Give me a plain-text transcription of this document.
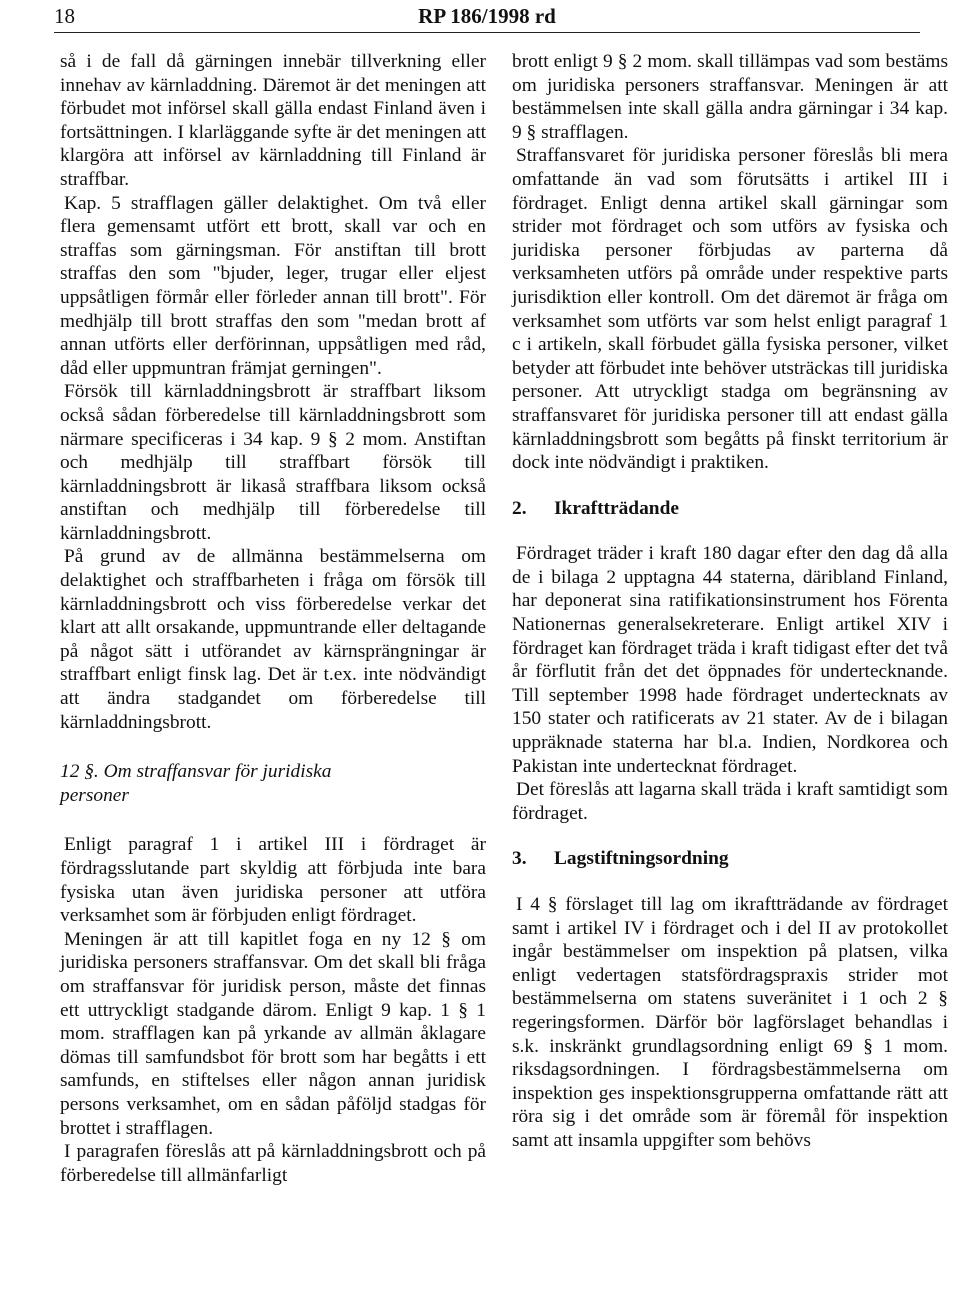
18	RP 186/1998 rd

så i de fall då gärningen innebär tillverkning eller innehav av kärnladdning. Däremot är det meningen att förbudet mot införsel skall gälla endast Finland även i fortsättningen. I klarläggande syfte är det meningen att klargöra att införsel av kärnladdning till Finland är straffbar.

Kap. 5 strafflagen gäller delaktighet. Om två eller flera gemensamt utfört ett brott, skall var och en straffas som gärningsman. För anstiftan till brott straffas den som "bjuder, leger, trugar eller eljest uppsåtligen förmår eller förleder annan till brott". För medhjälp till brott straffas den som "medan brott af annan utförts eller derförinnan, uppsåtligen med råd, dåd eller uppmuntran främjat gerningen".

Försök till kärnladdningsbrott är straffbart liksom också sådan förberedelse till kärnladdningsbrott som närmare specificeras i 34 kap. 9 § 2 mom. Anstiftan och medhjälp till straffbart försök till kärnladdningsbrott är likaså straffbara liksom också anstiftan och medhjälp till förberedelse till kärnladdningsbrott.

På grund av de allmänna bestämmelserna om delaktighet och straffbarheten i fråga om försök till kärnladdningsbrott och viss förberedelse verkar det klart att allt orsakande, uppmuntrande eller deltagande på något sätt i utförandet av kärnsprängningar är straffbart enligt finsk lag. Det är t.ex. inte nödvändigt att ändra stadgandet om förberedelse till kärnladdningsbrott.

12 §. Om straffansvar för juridiska personer

Enligt paragraf 1 i artikel III i fördraget är fördragsslutande part skyldig att förbjuda inte bara fysiska utan även juridiska personer att utföra verksamhet som är förbjuden enligt fördraget.

Meningen är att till kapitlet foga en ny 12 § om juridiska personers straffansvar. Om det skall bli fråga om straffansvar för juridisk person, måste det finnas ett uttryckligt stadgande därom. Enligt 9 kap. 1 § 1 mom. strafflagen kan på yrkande av allmän åklagare dömas till samfundsbot för brott som har begåtts i ett samfunds, en stiftelses eller någon annan juridisk persons verksamhet, om en sådan påföljd stadgas för brottet i strafflagen.

I paragrafen föreslås att på kärnladdningsbrott och på förberedelse till allmänfarligt

brott enligt 9 § 2 mom. skall tillämpas vad som bestäms om juridiska personers straffansvar. Meningen är att bestämmelsen inte skall gälla andra gärningar i 34 kap. 9 § strafflagen.

Straffansvaret för juridiska personer föreslås bli mera omfattande än vad som förutsätts i artikel III i fördraget. Enligt denna artikel skall gärningar som strider mot fördraget och som utförs av fysiska och juridiska personer förbjudas av parterna då verksamheten utförs på område under respektive parts jurisdiktion eller kontroll. Om det däremot är fråga om verksamhet som utförts var som helst enligt paragraf 1 c i artikeln, skall förbudet gälla fysiska personer, vilket betyder att förbudet inte behöver utsträckas till juridiska personer. Att utryckligt stadga om begränsning av straffansvaret för juridiska personer till att endast gälla kärnladdningsbrott som begåtts på finskt territorium är dock inte nödvändigt i praktiken.

2. Ikraftträdande

Fördraget träder i kraft 180 dagar efter den dag då alla de i bilaga 2 upptagna 44 staterna, däribland Finland, har deponerat sina ratifikationsinstrument hos Förenta Nationernas generalsekreterare. Enligt artikel XIV i fördraget kan fördraget träda i kraft tidigast efter det två år förflutit från det det öppnades för undertecknande. Till september 1998 hade fördraget undertecknats av 150 stater och ratificerats av 21 stater. Av de i bilagan uppräknade staterna har bl.a. Indien, Nordkorea och Pakistan inte undertecknat fördraget.

Det föreslås att lagarna skall träda i kraft samtidigt som fördraget.

3. Lagstiftningsordning

I 4 § förslaget till lag om ikraftträdande av fördraget samt i artikel IV i fördraget och i del II av protokollet ingår bestämmelser om inspektion på platsen, vilka enligt vedertagen statsfördragspraxis strider mot bestämmelserna om statens suveränitet i 1 och 2 § regeringsformen. Därför bör lagförslaget behandlas i s.k. inskränkt grundlagsordning enligt 69 § 1 mom. riksdagsordningen. I fördragsbestämmelserna om inspektion ges inspektionsgrupperna omfattande rätt att röra sig i det område som är föremål för inspektion samt att insamla uppgifter som behövs
